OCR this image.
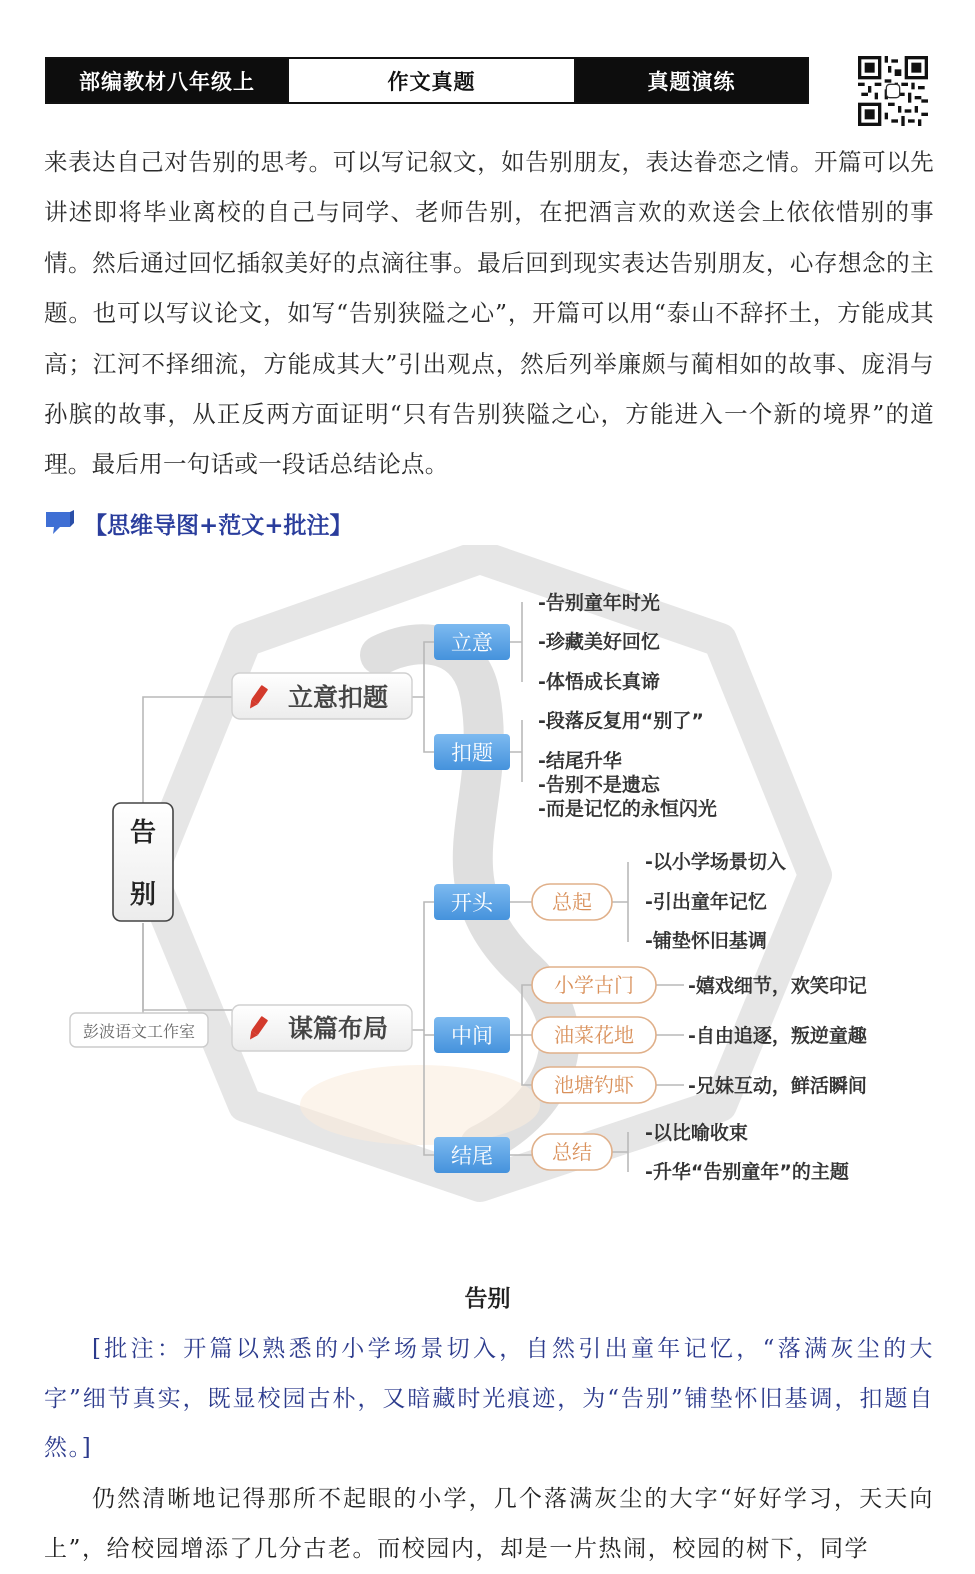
部编教材八年级上	作文真题	真题演练

来表达自己对告别的思考。可以写记叙文，如告别朋友，表达眷恋之情。开篇可以先讲述即将毕业离校的自己与同学、老师告别，在把酒言欢的欢送会上依依惜别的事情。然后通过回忆插叙美好的点滴往事。最后回到现实表达告别朋友，心存想念的主题。也可以写议论文，如写“告别狭隘之心”，开篇可以用“泰山不辞抔土，方能成其高；江河不择细流，方能成其大”引出观点，然后列举廉颇与蔺相如的故事、庞涓与孙膑的故事，从正反两方面证明“只有告别狭隘之心，方能进入一个新的境界”的道理。最后用一句话或一段话总结论点。

【思维导图+范文+批注】
告
别
彭波语文工作室
立意扣题
立意
扣题
-告别童年时光
-珍藏美好回忆
-体悟成长真谛
-段落反复用“别了”
-结尾升华
-告别不是遗忘
-而是记忆的永恒闪光
谋篇布局
开头
中间
结尾
总起
小学古门
油菜花地
池塘钓虾
总结
-以小学场景切入
-引出童年记忆
-铺垫怀旧基调
-嬉戏细节，欢笑印记
-自由追逐，叛逆童趣
-兄妹互动，鲜活瞬间
-以比喻收束
-升华“告别童年”的主题
告别

[批注：开篇以熟悉的小学场景切入，自然引出童年记忆，“落满灰尘的大字”细节真实，既显校园古朴，又暗藏时光痕迹，为“告别”铺垫怀旧基调，扣题自然。]

仍然清晰地记得那所不起眼的小学，几个落满灰尘的大字“好好学习，天天向上”，给校园增添了几分古老。而校园内，却是一片热闹，校园的树下，同学
